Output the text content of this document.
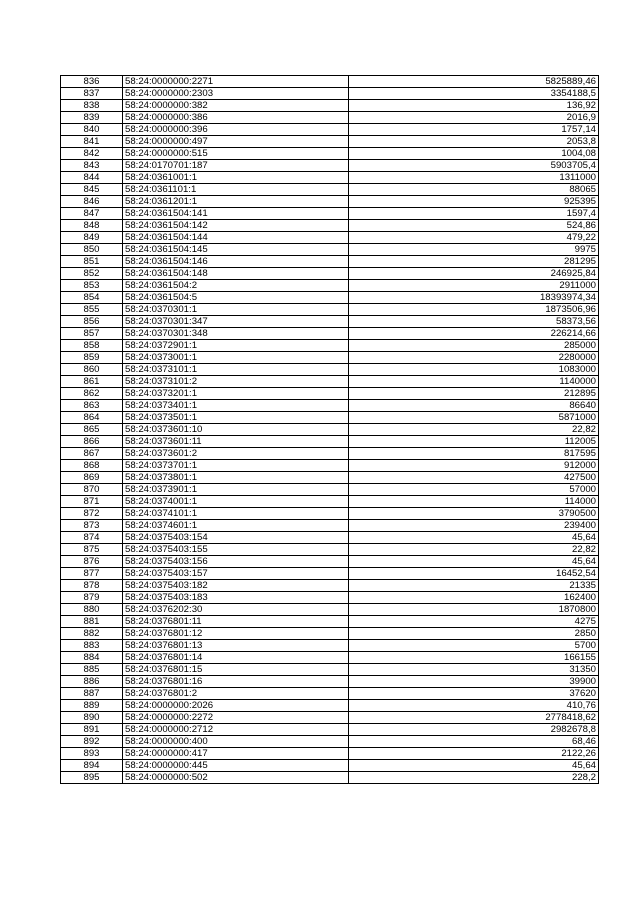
836	58:24:0000000:2271	5825889,46
837	58:24:0000000:2303	3354188,5
838	58:24:0000000:382	136,92
839	58:24:0000000:386	2016,9
840	58:24:0000000:396	1757,14
841	58:24:0000000:497	2053,8
842	58:24:0000000:515	1004,08
843	58:24:0170701:187	5903705,4
844	58:24:0361001:1	1311000
845	58:24:0361101:1	88065
846	58:24:0361201:1	925395
847	58:24:0361504:141	1597,4
848	58:24:0361504:142	524,86
849	58:24:0361504:144	479,22
850	58:24:0361504:145	9975
851	58:24:0361504:146	281295
852	58:24:0361504:148	246925,84
853	58:24:0361504:2	2911000
854	58:24:0361504:5	18393974,34
855	58:24:0370301:1	1873506,96
856	58:24:0370301:347	58373,56
857	58:24:0370301:348	226214,66
858	58:24:0372901:1	285000
859	58:24:0373001:1	2280000
860	58:24:0373101:1	1083000
861	58:24:0373101:2	1140000
862	58:24:0373201:1	212895
863	58:24:0373401:1	86640
864	58:24:0373501:1	5871000
865	58:24:0373601:10	22,82
866	58:24:0373601:11	112005
867	58:24:0373601:2	817595
868	58:24:0373701:1	912000
869	58:24:0373801:1	427500
870	58:24:0373901:1	57000
871	58:24:0374001:1	114000
872	58:24:0374101:1	3790500
873	58:24:0374601:1	239400
874	58:24:0375403:154	45,64
875	58:24:0375403:155	22,82
876	58:24:0375403:156	45,64
877	58:24:0375403:157	16452,54
878	58:24:0375403:182	21335
879	58:24:0375403:183	162400
880	58:24:0376202:30	1870800
881	58:24:0376801:11	4275
882	58:24:0376801:12	2850
883	58:24:0376801:13	5700
884	58:24:0376801:14	166155
885	58:24:0376801:15	31350
886	58:24:0376801:16	39900
887	58:24:0376801:2	37620
889	58:24:0000000:2026	410,76
890	58:24:0000000:2272	2778418,62
891	58:24:0000000:2712	2982678,8
892	58:24:0000000:400	68,46
893	58:24:0000000:417	2122,26
894	58:24:0000000:445	45,64
895	58:24:0000000:502	228,2
